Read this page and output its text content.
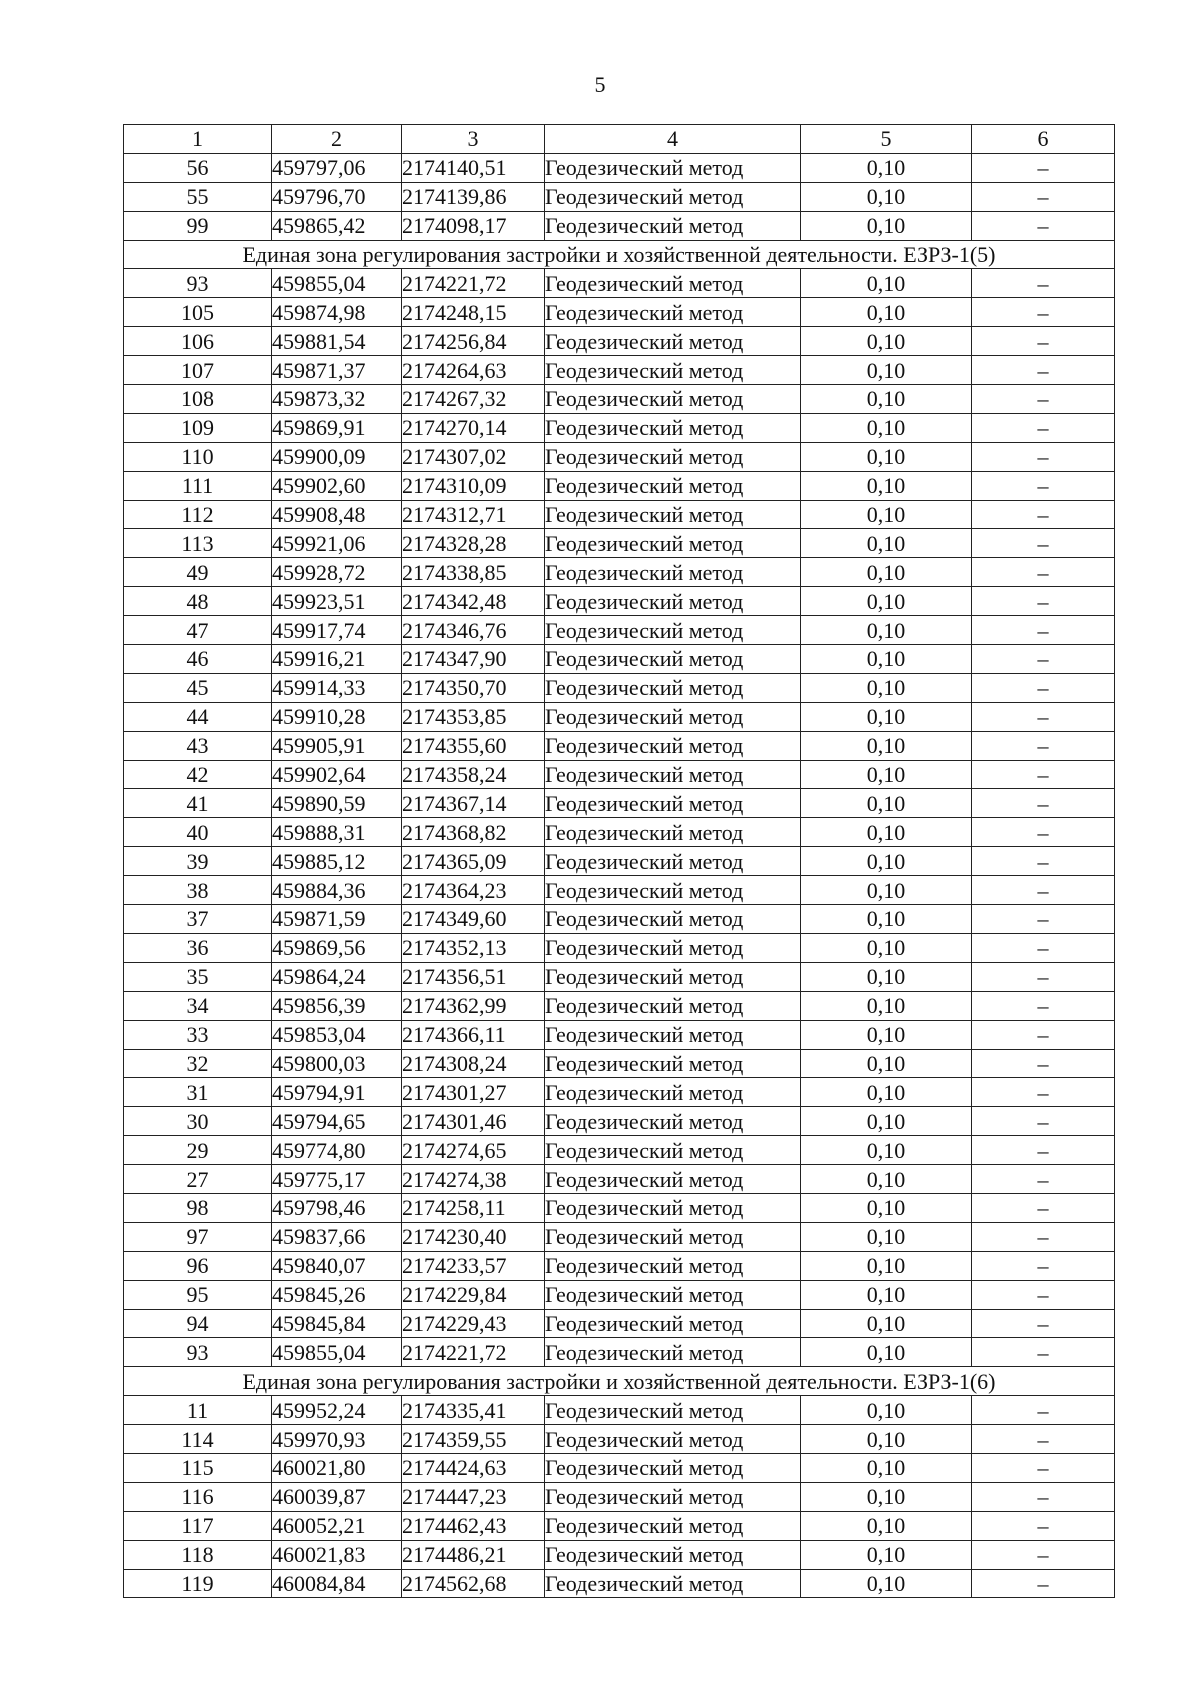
5
1	2	3	4	5	6
56	459797,06	2174140,51	Геодезический метод	0,10	–
55	459796,70	2174139,86	Геодезический метод	0,10	–
99	459865,42	2174098,17	Геодезический метод	0,10	–
Единая зона регулирования застройки и хозяйственной деятельности. ЕЗРЗ-1(5)					
93	459855,04	2174221,72	Геодезический метод	0,10	–
105	459874,98	2174248,15	Геодезический метод	0,10	–
106	459881,54	2174256,84	Геодезический метод	0,10	–
107	459871,37	2174264,63	Геодезический метод	0,10	–
108	459873,32	2174267,32	Геодезический метод	0,10	–
109	459869,91	2174270,14	Геодезический метод	0,10	–
110	459900,09	2174307,02	Геодезический метод	0,10	–
111	459902,60	2174310,09	Геодезический метод	0,10	–
112	459908,48	2174312,71	Геодезический метод	0,10	–
113	459921,06	2174328,28	Геодезический метод	0,10	–
49	459928,72	2174338,85	Геодезический метод	0,10	–
48	459923,51	2174342,48	Геодезический метод	0,10	–
47	459917,74	2174346,76	Геодезический метод	0,10	–
46	459916,21	2174347,90	Геодезический метод	0,10	–
45	459914,33	2174350,70	Геодезический метод	0,10	–
44	459910,28	2174353,85	Геодезический метод	0,10	–
43	459905,91	2174355,60	Геодезический метод	0,10	–
42	459902,64	2174358,24	Геодезический метод	0,10	–
41	459890,59	2174367,14	Геодезический метод	0,10	–
40	459888,31	2174368,82	Геодезический метод	0,10	–
39	459885,12	2174365,09	Геодезический метод	0,10	–
38	459884,36	2174364,23	Геодезический метод	0,10	–
37	459871,59	2174349,60	Геодезический метод	0,10	–
36	459869,56	2174352,13	Геодезический метод	0,10	–
35	459864,24	2174356,51	Геодезический метод	0,10	–
34	459856,39	2174362,99	Геодезический метод	0,10	–
33	459853,04	2174366,11	Геодезический метод	0,10	–
32	459800,03	2174308,24	Геодезический метод	0,10	–
31	459794,91	2174301,27	Геодезический метод	0,10	–
30	459794,65	2174301,46	Геодезический метод	0,10	–
29	459774,80	2174274,65	Геодезический метод	0,10	–
27	459775,17	2174274,38	Геодезический метод	0,10	–
98	459798,46	2174258,11	Геодезический метод	0,10	–
97	459837,66	2174230,40	Геодезический метод	0,10	–
96	459840,07	2174233,57	Геодезический метод	0,10	–
95	459845,26	2174229,84	Геодезический метод	0,10	–
94	459845,84	2174229,43	Геодезический метод	0,10	–
93	459855,04	2174221,72	Геодезический метод	0,10	–
Единая зона регулирования застройки и хозяйственной деятельности. ЕЗРЗ-1(6)					
11	459952,24	2174335,41	Геодезический метод	0,10	–
114	459970,93	2174359,55	Геодезический метод	0,10	–
115	460021,80	2174424,63	Геодезический метод	0,10	–
116	460039,87	2174447,23	Геодезический метод	0,10	–
117	460052,21	2174462,43	Геодезический метод	0,10	–
118	460021,83	2174486,21	Геодезический метод	0,10	–
119	460084,84	2174562,68	Геодезический метод	0,10	–
